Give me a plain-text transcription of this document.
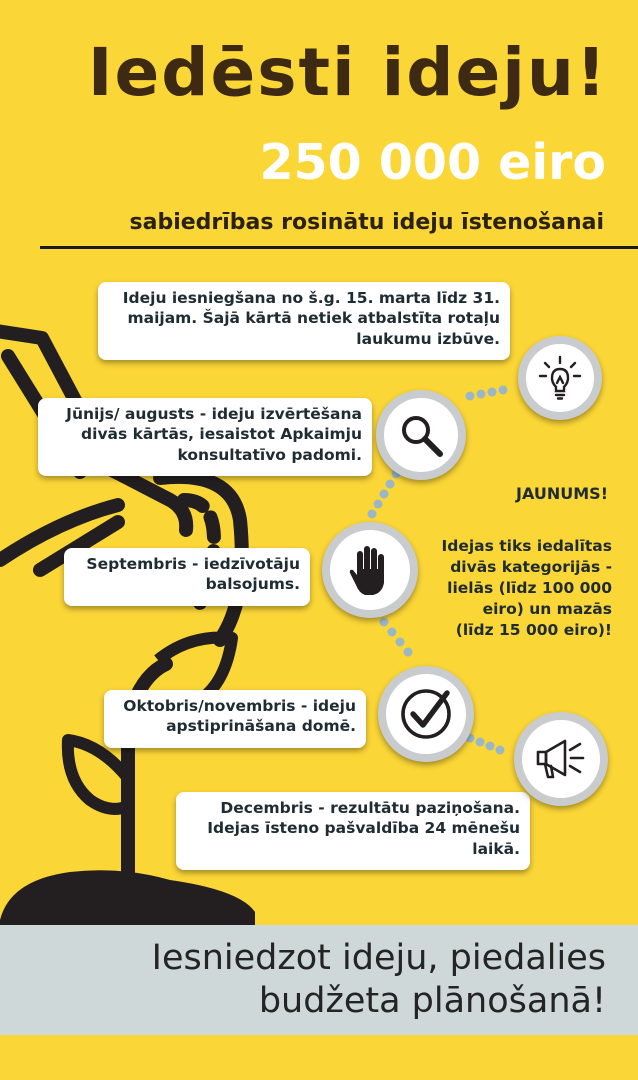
Iedēsti ideju!
250 000 eiro
sabiedrības rosinātu ideju īstenošanai
Ideju iesniegšana no š.g. 15. marta līdz 31.
maijam. Šajā kārtā netiek atbalstīta rotaļu
laukumu izbūve.
Jūnijs/ augusts - ideju izvērtēšana
divās kārtās, iesaistot Apkaimju
konsultatīvo padomi.
Septembris - iedzīvotāju
balsojums.
Oktobris/novembris - ideju
apstiprināšana domē.
Decembris - rezultātu paziņošana.
Idejas īsteno pašvaldība 24 mēnešu
laikā.
JAUNUMS!
Idejas tiks iedalītas
divās kategorijās -
lielās (līdz 100 000
eiro) un mazās
(līdz 15 000 eiro)!
Iesniedzot ideju, piedalies
budžeta plānošanā!
